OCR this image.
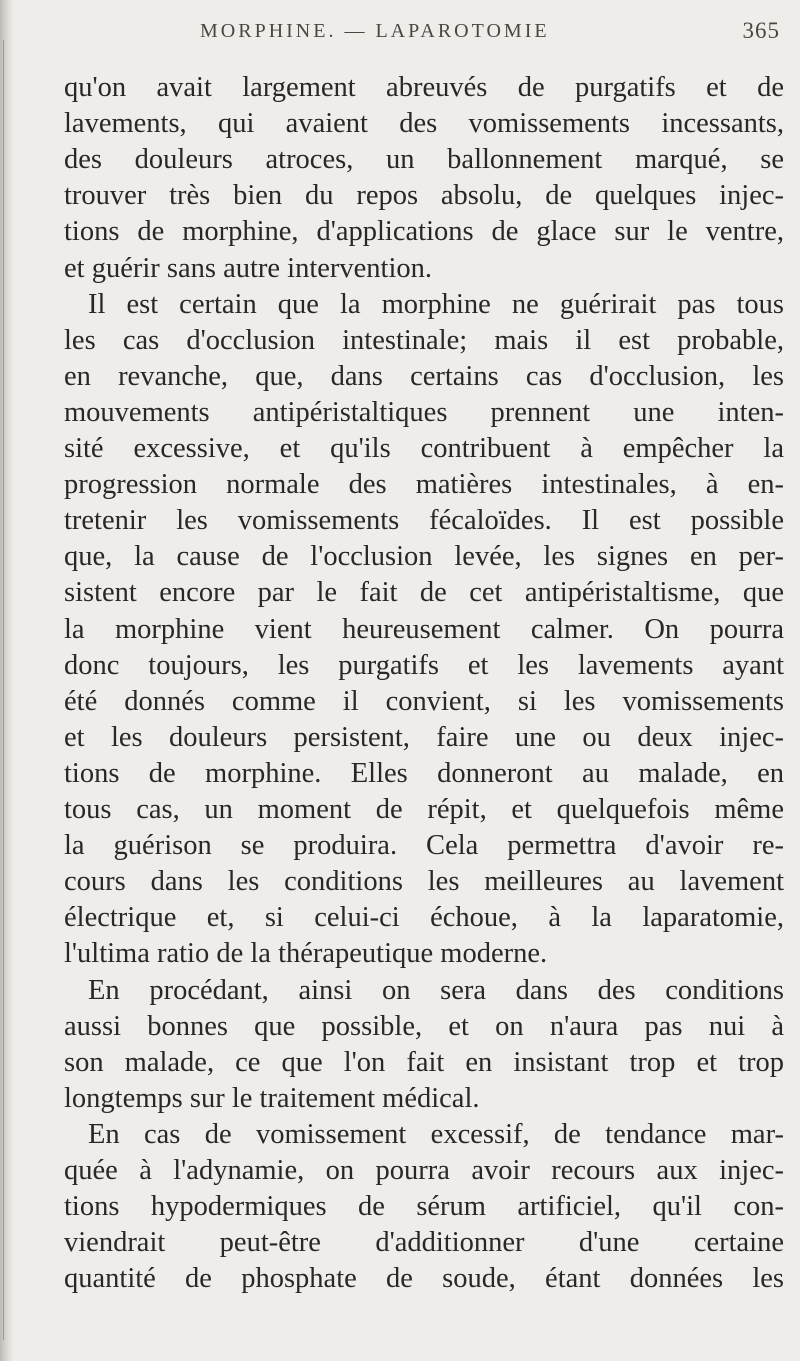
MORPHINE. — LAPAROTOMIE	365
qu'on avait largement abreuvés de purgatifs et de
lavements, qui avaient des vomissements incessants,
des douleurs atroces, un ballonnement marqué, se
trouver très bien du repos absolu, de quelques injec-
tions de morphine, d'applications de glace sur le ventre,
et guérir sans autre intervention.
Il est certain que la morphine ne guérirait pas tous
les cas d'occlusion intestinale; mais il est probable,
en revanche, que, dans certains cas d'occlusion, les
mouvements antipéristaltiques prennent une inten-
sité excessive, et qu'ils contribuent à empêcher la
progression normale des matières intestinales, à en-
tretenir les vomissements fécaloïdes. Il est possible
que, la cause de l'occlusion levée, les signes en per-
sistent encore par le fait de cet antipéristaltisme, que
la morphine vient heureusement calmer. On pourra
donc toujours, les purgatifs et les lavements ayant
été donnés comme il convient, si les vomissements
et les douleurs persistent, faire une ou deux injec-
tions de morphine. Elles donneront au malade, en
tous cas, un moment de répit, et quelquefois même
la guérison se produira. Cela permettra d'avoir re-
cours dans les conditions les meilleures au lavement
électrique et, si celui-ci échoue, à la laparatomie,
l'ultima ratio de la thérapeutique moderne.
En procédant, ainsi on sera dans des conditions
aussi bonnes que possible, et on n'aura pas nui à
son malade, ce que l'on fait en insistant trop et trop
longtemps sur le traitement médical.
En cas de vomissement excessif, de tendance mar-
quée à l'adynamie, on pourra avoir recours aux injec-
tions hypodermiques de sérum artificiel, qu'il con-
viendrait peut-être d'additionner d'une certaine
quantité de phosphate de soude, étant données les
